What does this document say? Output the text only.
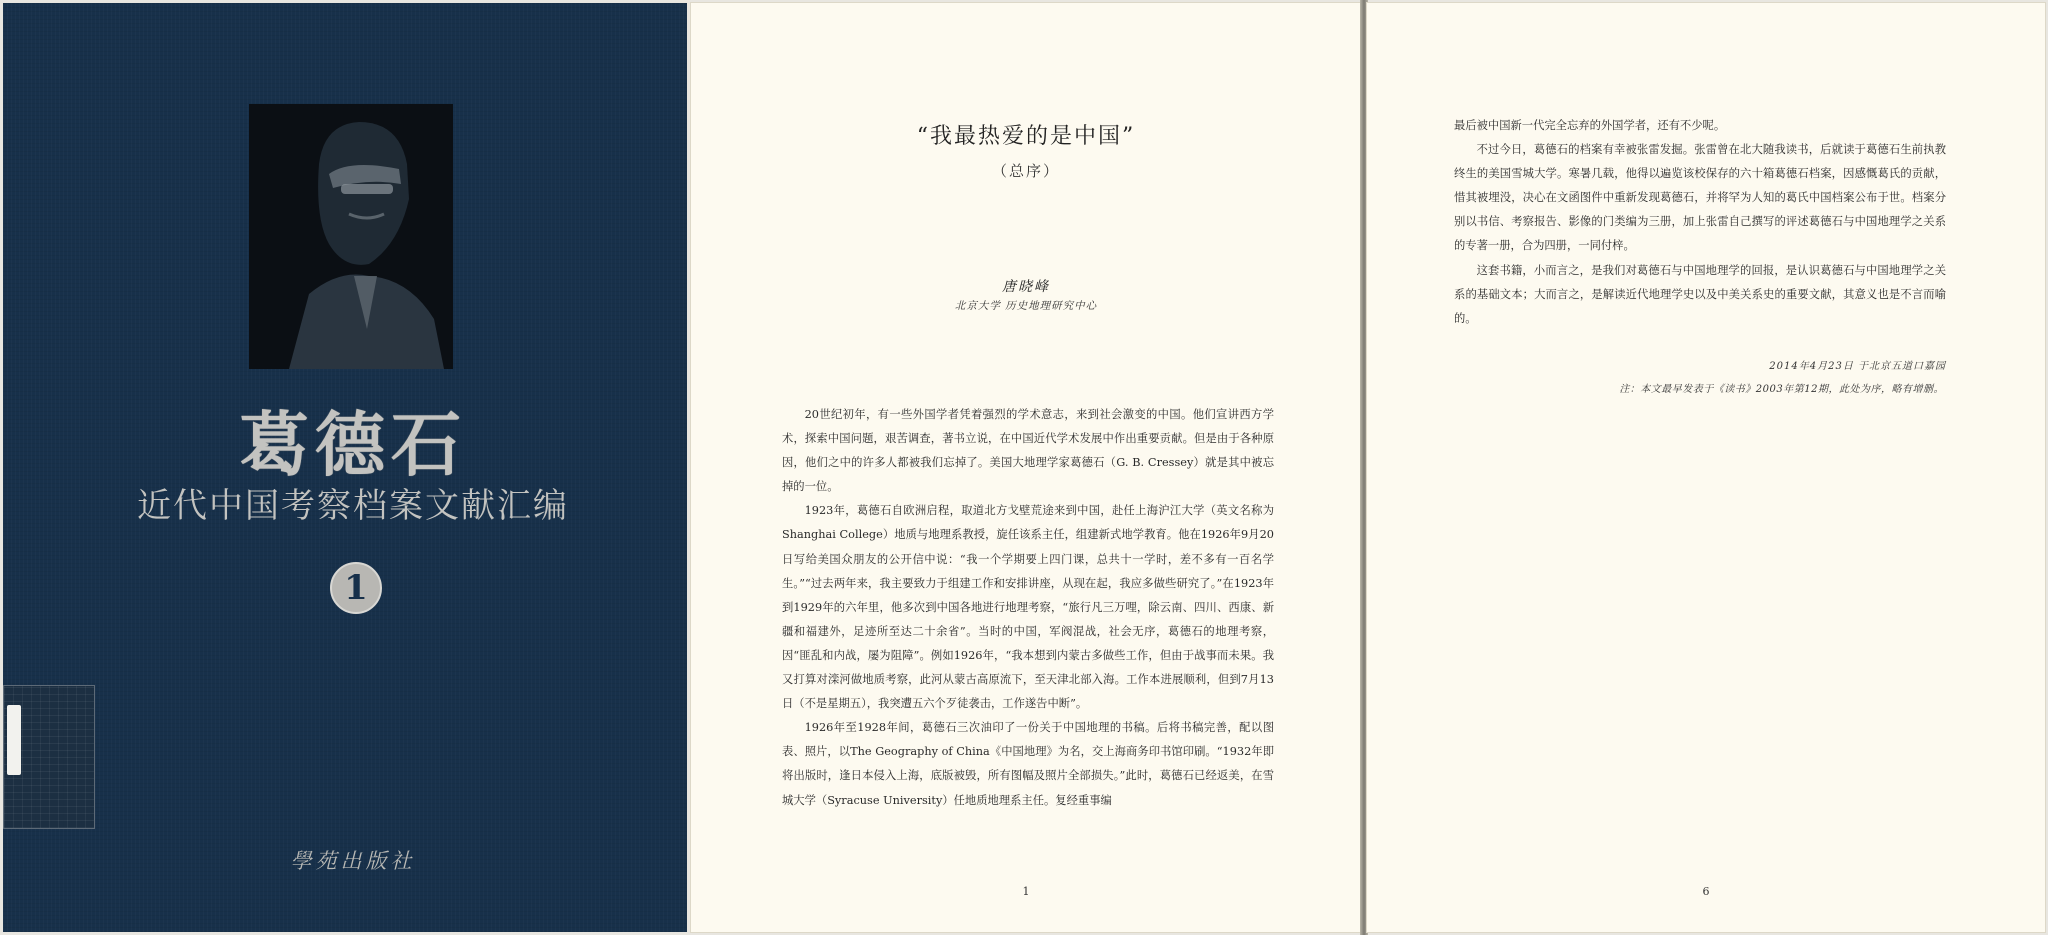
葛德石
近代中国考察档案文献汇编
1
學苑出版社
“我最热爱的是中国”
（总序）
唐晓峰
北京大学 历史地理研究中心

20世纪初年，有一些外国学者凭着强烈的学术意志，来到社会激变的中国。他们宣讲西方学术，探索中国问题，艰苦调查，著书立说，在中国近代学术发展中作出重要贡献。但是由于各种原因，他们之中的许多人都被我们忘掉了。美国大地理学家葛德石（G. B. Cressey）就是其中被忘掉的一位。

1923年，葛德石自欧洲启程，取道北方戈壁荒途来到中国，赴任上海沪江大学（英文名称为Shanghai College）地质与地理系教授，旋任该系主任，组建新式地学教育。他在1926年9月20日写给美国众朋友的公开信中说：“我一个学期要上四门课，总共十一学时，差不多有一百名学生。”“过去两年来，我主要致力于组建工作和安排讲座，从现在起，我应多做些研究了。”在1923年到1929年的六年里，他多次到中国各地进行地理考察，“旅行凡三万哩，除云南、四川、西康、新疆和福建外，足迹所至达二十余省”。当时的中国，军阀混战，社会无序，葛德石的地理考察，因“匪乱和内战，屡为阻障”。例如1926年，“我本想到内蒙古多做些工作，但由于战事而未果。我又打算对滦河做地质考察，此河从蒙古高原流下，至天津北部入海。工作本进展顺利，但到7月13日（不是星期五），我突遭五六个歹徒袭击，工作遂告中断”。

1926年至1928年间，葛德石三次油印了一份关于中国地理的书稿。后将书稿完善，配以图表、照片，以The Geography of China《中国地理》为名，交上海商务印书馆印刷。“1932年即将出版时，逢日本侵入上海，底版被毁，所有图幅及照片全部损失。”此时，葛德石已经返美，在雪城大学（Syracuse University）任地质地理系主任。复经重事编

1

最后被中国新一代完全忘弃的外国学者，还有不少呢。

不过今日，葛德石的档案有幸被张雷发掘。张雷曾在北大随我读书，后就读于葛德石生前执教终生的美国雪城大学。寒暑几载，他得以遍览该校保存的六十箱葛德石档案，因感慨葛氏的贡献，惜其被埋没，决心在文函图件中重新发现葛德石，并将罕为人知的葛氏中国档案公布于世。档案分别以书信、考察报告、影像的门类编为三册，加上张雷自己撰写的评述葛德石与中国地理学之关系的专著一册，合为四册，一同付梓。

这套书籍，小而言之，是我们对葛德石与中国地理学的回报，是认识葛德石与中国地理学之关系的基础文本；大而言之，是解读近代地理学史以及中美关系史的重要文献，其意义也是不言而喻的。

2014年4月23日 于北京五道口嘉园
注：本文最早发表于《读书》2003年第12期，此处为序，略有增删。
6
